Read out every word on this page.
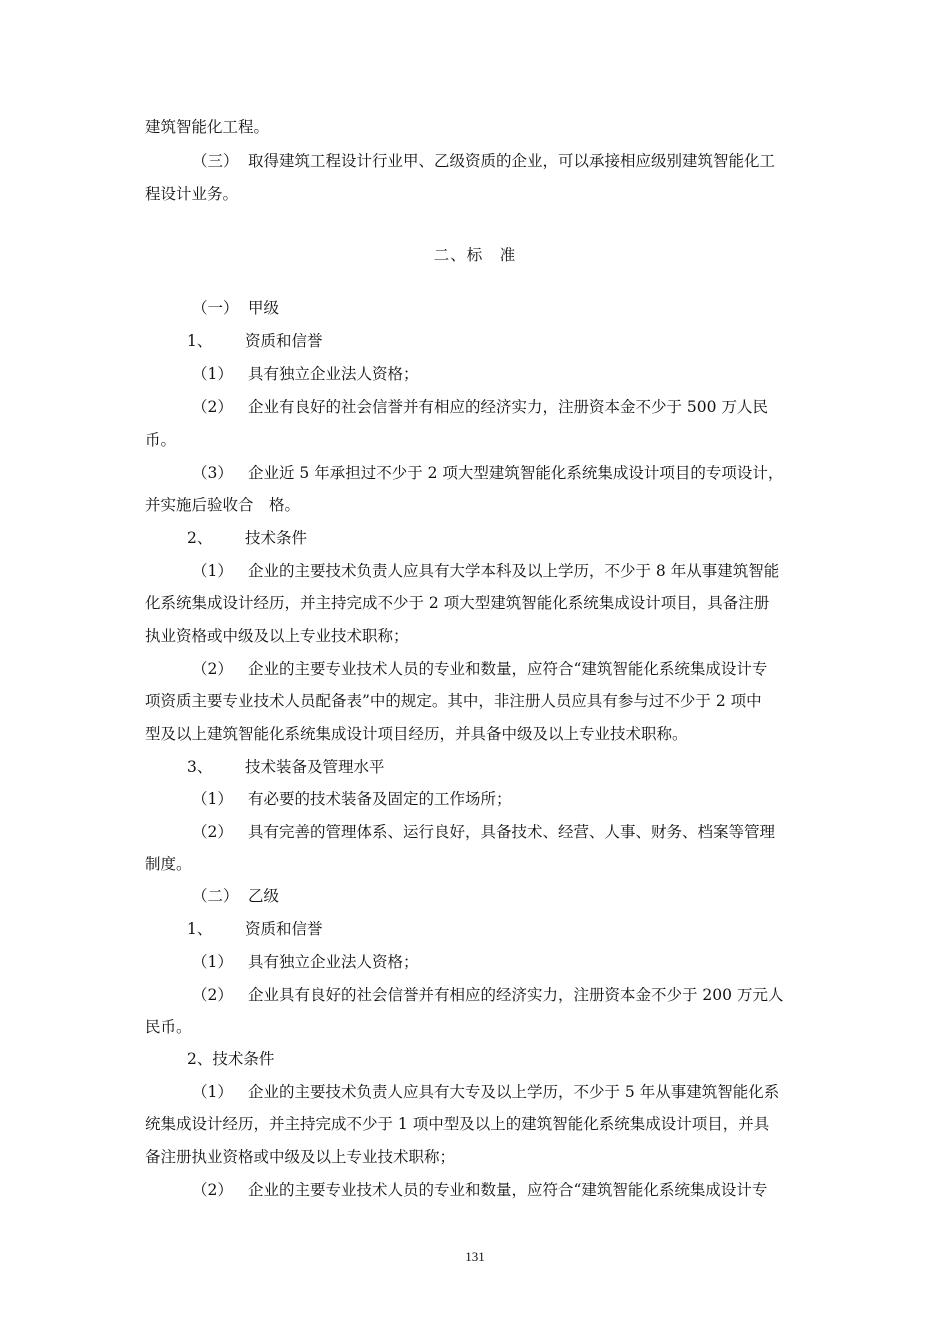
建筑智能化工程。
（三） 取得建筑工程设计行业甲、乙级资质的企业，可以承接相应级别建筑智能化工
程设计业务。
二、标　准
（一） 甲级
1、 资质和信誉
（1） 具有独立企业法人资格；
（2） 企业有良好的社会信誉并有相应的经济实力，注册资本金不少于 500 万人民
币。
（3） 企业近 5 年承担过不少于 2 项大型建筑智能化系统集成设计项目的专项设计，
并实施后验收合　格。
2、 技术条件
（1） 企业的主要技术负责人应具有大学本科及以上学历，不少于 8 年从事建筑智能
化系统集成设计经历，并主持完成不少于 2 项大型建筑智能化系统集成设计项目，具备注册
执业资格或中级及以上专业技术职称；
（2） 企业的主要专业技术人员的专业和数量，应符合“建筑智能化系统集成设计专
项资质主要专业技术人员配备表”中的规定。其中，非注册人员应具有参与过不少于 2 项中
型及以上建筑智能化系统集成设计项目经历，并具备中级及以上专业技术职称。
3、 技术装备及管理水平
（1） 有必要的技术装备及固定的工作场所；
（2） 具有完善的管理体系、运行良好，具备技术、经营、人事、财务、档案等管理
制度。
（二） 乙级
1、 资质和信誉
（1） 具有独立企业法人资格；
（2） 企业具有良好的社会信誉并有相应的经济实力，注册资本金不少于 200 万元人
民币。
2、技术条件
（1） 企业的主要技术负责人应具有大专及以上学历，不少于 5 年从事建筑智能化系
统集成设计经历，并主持完成不少于 1 项中型及以上的建筑智能化系统集成设计项目，并具
备注册执业资格或中级及以上专业技术职称；
（2） 企业的主要专业技术人员的专业和数量，应符合“建筑智能化系统集成设计专
131
